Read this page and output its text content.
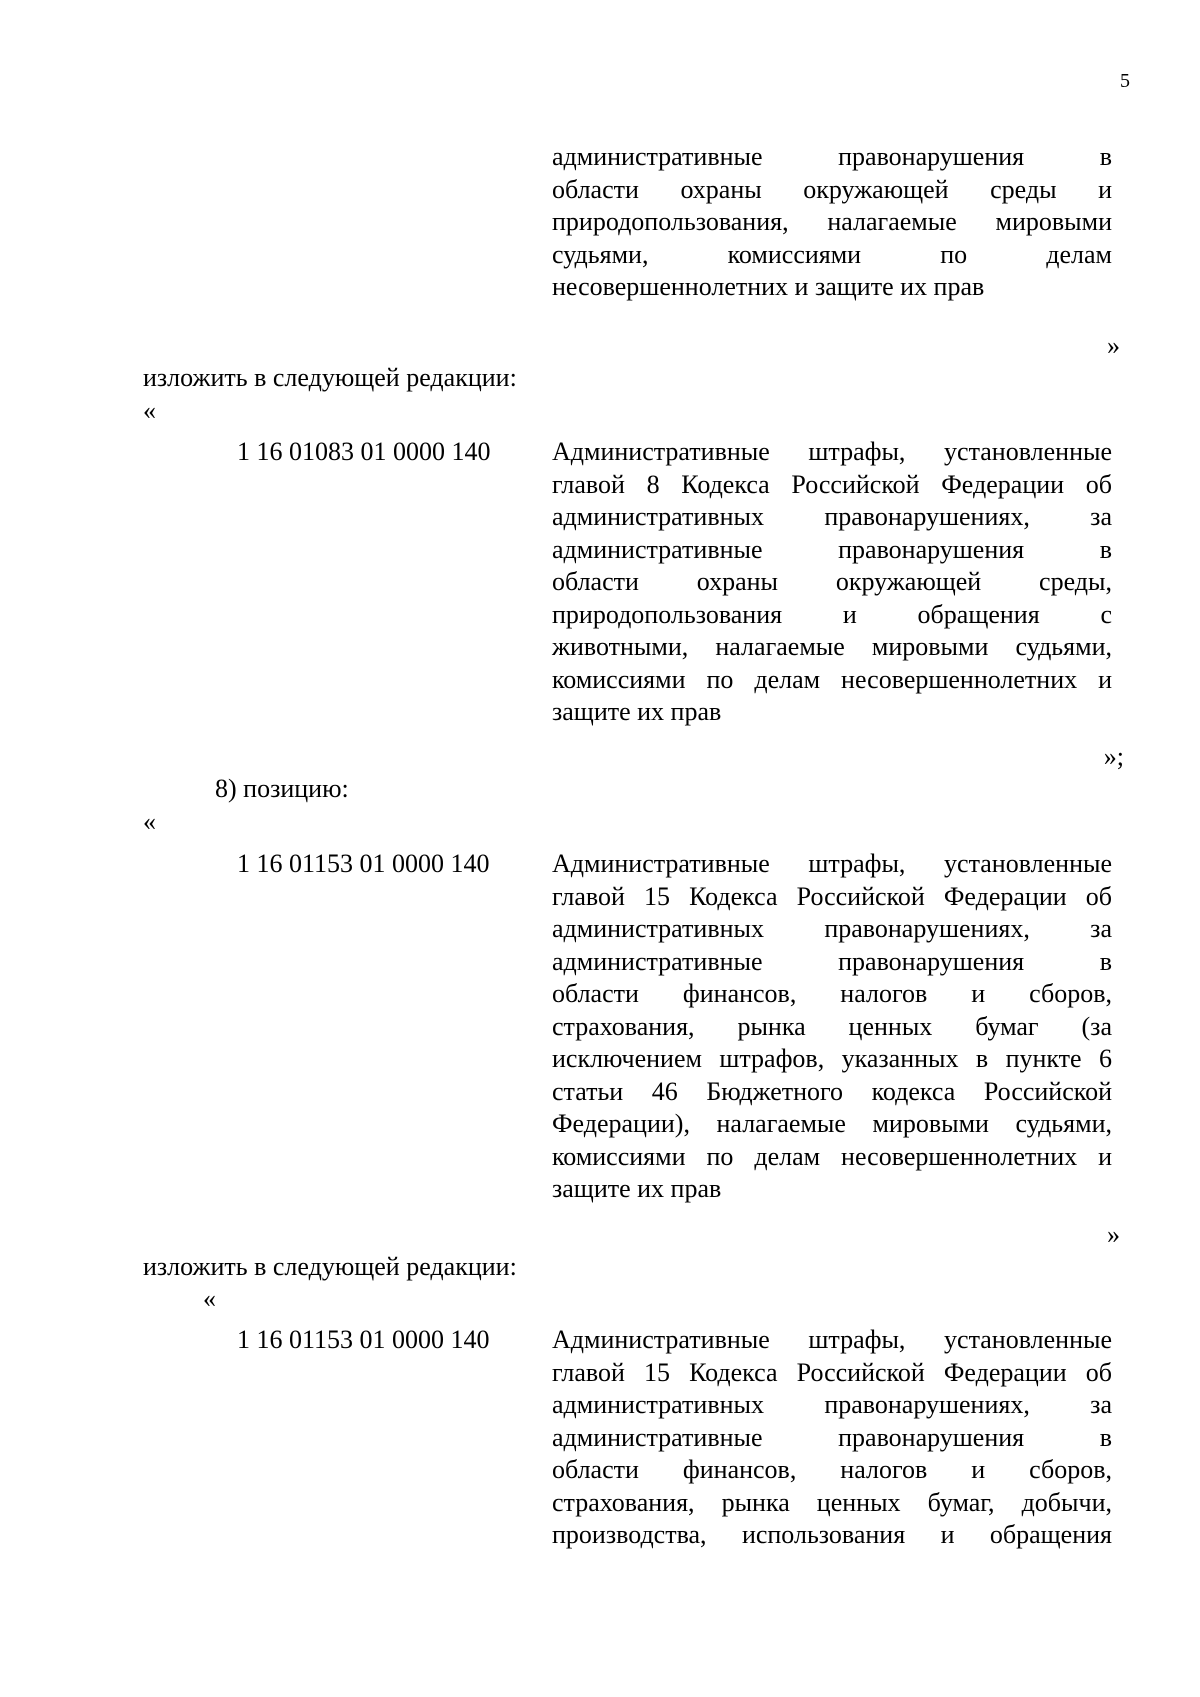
5
административные правонарушения в
области охраны окружающей среды и
природопользования, налагаемые мировыми
судьями, комиссиями по делам
несовершеннолетних и защите их прав
»
изложить в следующей редакции:
«
1 16 01083 01 0000 140	Административные штрафы, установленные
главой 8 Кодекса Российской Федерации об
административных правонарушениях, за
административные правонарушения в
области охраны окружающей среды,
природопользования и обращения с
животными, налагаемые мировыми судьями,
комиссиями по делам несовершеннолетних и
защите их прав
»;
8) позицию:
«
1 16 01153 01 0000 140	Административные штрафы, установленные
главой 15 Кодекса Российской Федерации об
административных правонарушениях, за
административные правонарушения в
области финансов, налогов и сборов,
страхования, рынка ценных бумаг (за
исключением штрафов, указанных в пункте 6
статьи 46 Бюджетного кодекса Российской
Федерации), налагаемые мировыми судьями,
комиссиями по делам несовершеннолетних и
защите их прав
»
изложить в следующей редакции:
«
1 16 01153 01 0000 140	Административные штрафы, установленные
главой 15 Кодекса Российской Федерации об
административных правонарушениях, за
административные правонарушения в
области финансов, налогов и сборов,
страхования, рынка ценных бумаг, добычи,
производства, использования и обращения
